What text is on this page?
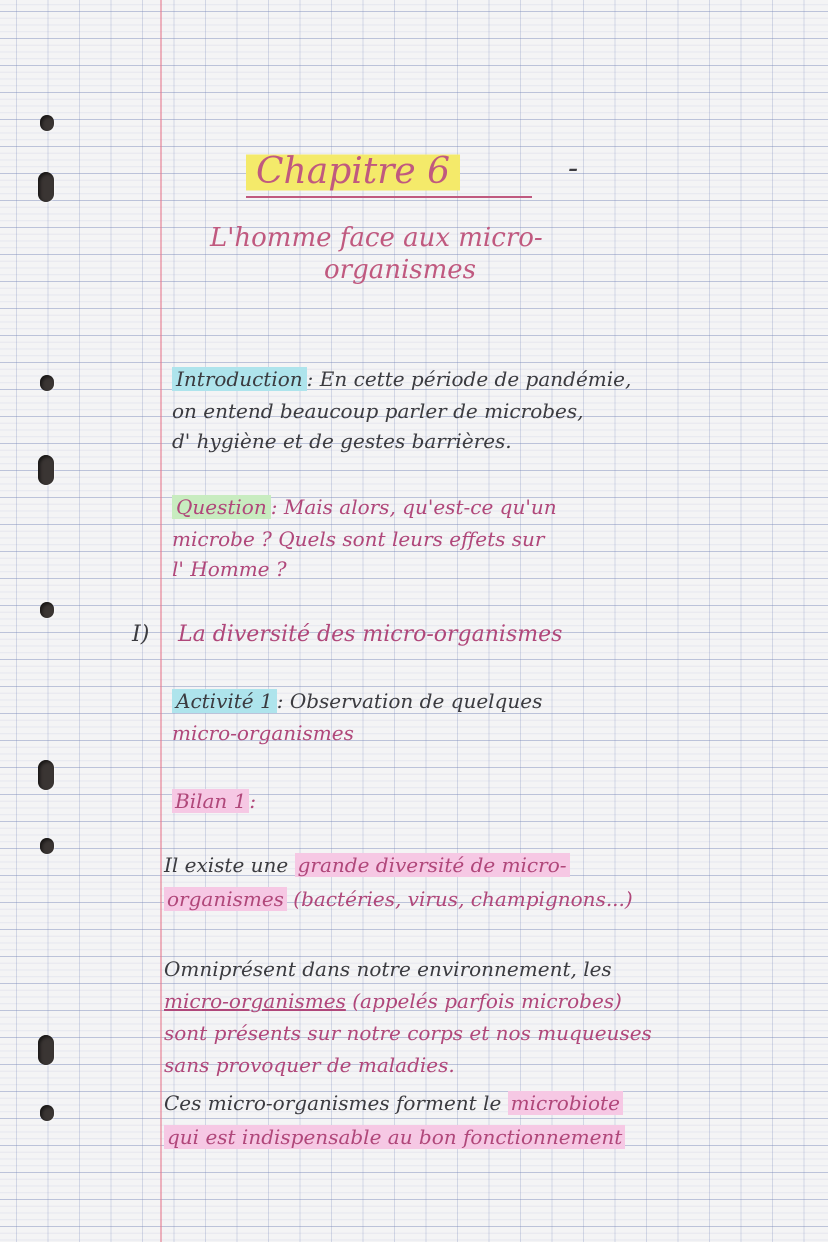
Chapitre 6	-
L'homme face aux micro-
organismes
Introduction : En cette période de pandémie,
on entend beaucoup parler de microbes,
d' hygiène et de gestes barrières.
Question : Mais alors, qu'est-ce qu'un
microbe ? Quels sont leurs effets sur
l' Homme ?
I) La diversité des micro-organismes
Activité 1 : Observation de quelques
micro-organismes
Bilan 1 :
Il existe une grande diversité de micro-
organismes (bactéries, virus, champignons...)
Omniprésent dans notre environnement, les
micro-organismes (appelés parfois microbes)
sont présents sur notre corps et nos muqueuses
sans provoquer de maladies.
Ces micro-organismes forment le microbiote
qui est indispensable au bon fonctionnement
